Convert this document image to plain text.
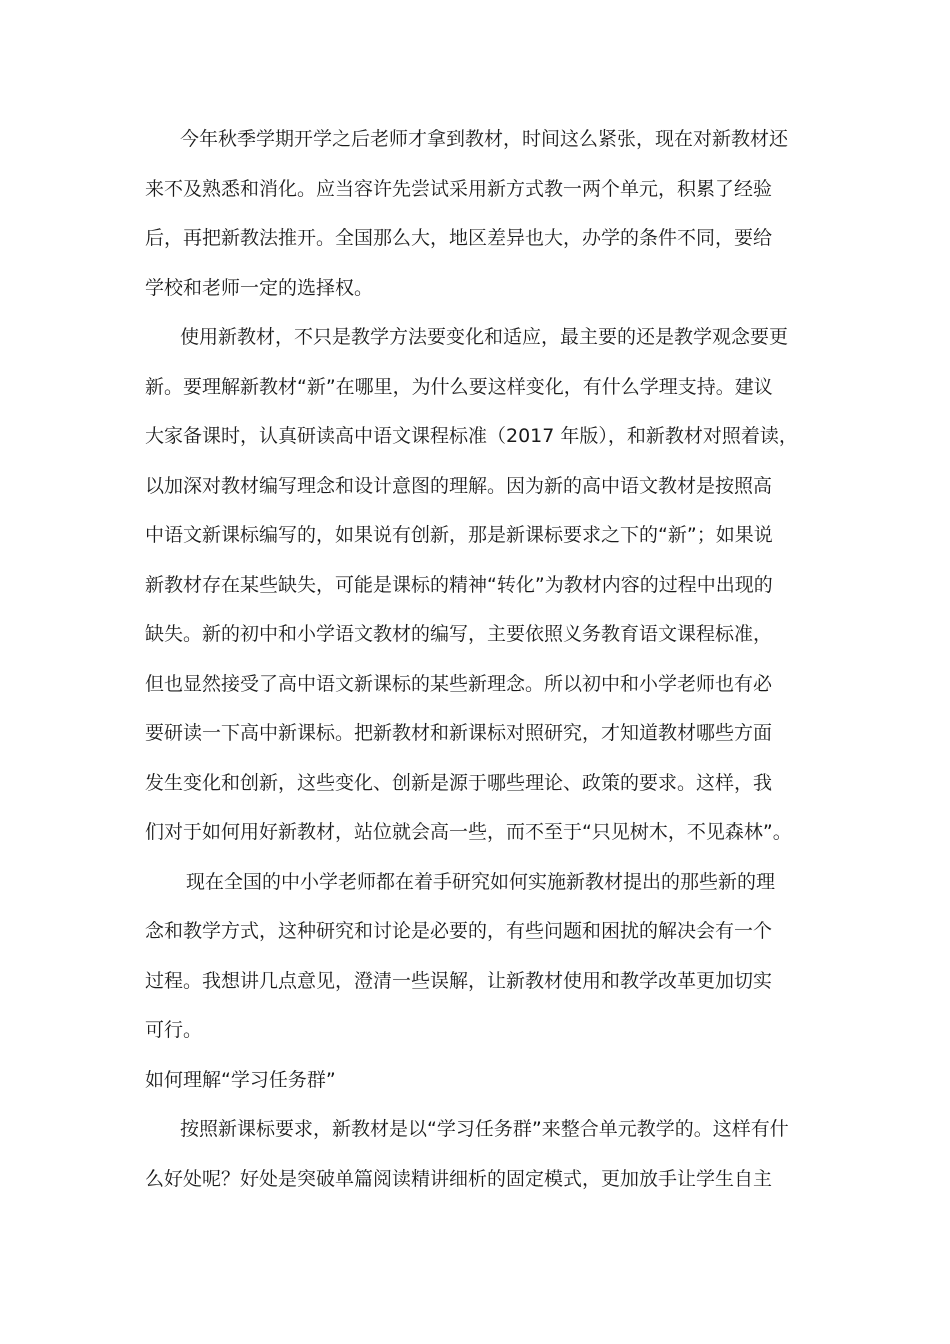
今年秋季学期开学之后老师才拿到教材，时间这么紧张，现在对新教材还
来不及熟悉和消化。应当容许先尝试采用新方式教一两个单元，积累了经验
后，再把新教法推开。全国那么大，地区差异也大，办学的条件不同，要给
学校和老师一定的选择权。
使用新教材，不只是教学方法要变化和适应，最主要的还是教学观念要更
新。要理解新教材“新”在哪里，为什么要这样变化，有什么学理支持。建议
大家备课时，认真研读高中语文课程标准（2017 年版），和新教材对照着读，
以加深对教材编写理念和设计意图的理解。因为新的高中语文教材是按照高
中语文新课标编写的，如果说有创新，那是新课标要求之下的“新”；如果说
新教材存在某些缺失，可能是课标的精神“转化”为教材内容的过程中出现的
缺失。新的初中和小学语文教材的编写，主要依照义务教育语文课程标准，
但也显然接受了高中语文新课标的某些新理念。所以初中和小学老师也有必
要研读一下高中新课标。把新教材和新课标对照研究，才知道教材哪些方面
发生变化和创新，这些变化、创新是源于哪些理论、政策的要求。这样，我
们对于如何用好新教材，站位就会高一些，而不至于“只见树木，不见森林”。
现在全国的中小学老师都在着手研究如何实施新教材提出的那些新的理
念和教学方式，这种研究和讨论是必要的，有些问题和困扰的解决会有一个
过程。我想讲几点意见，澄清一些误解，让新教材使用和教学改革更加切实
可行。
如何理解“学习任务群”
按照新课标要求，新教材是以“学习任务群”来整合单元教学的。这样有什
么好处呢？好处是突破单篇阅读精讲细析的固定模式，更加放手让学生自主
